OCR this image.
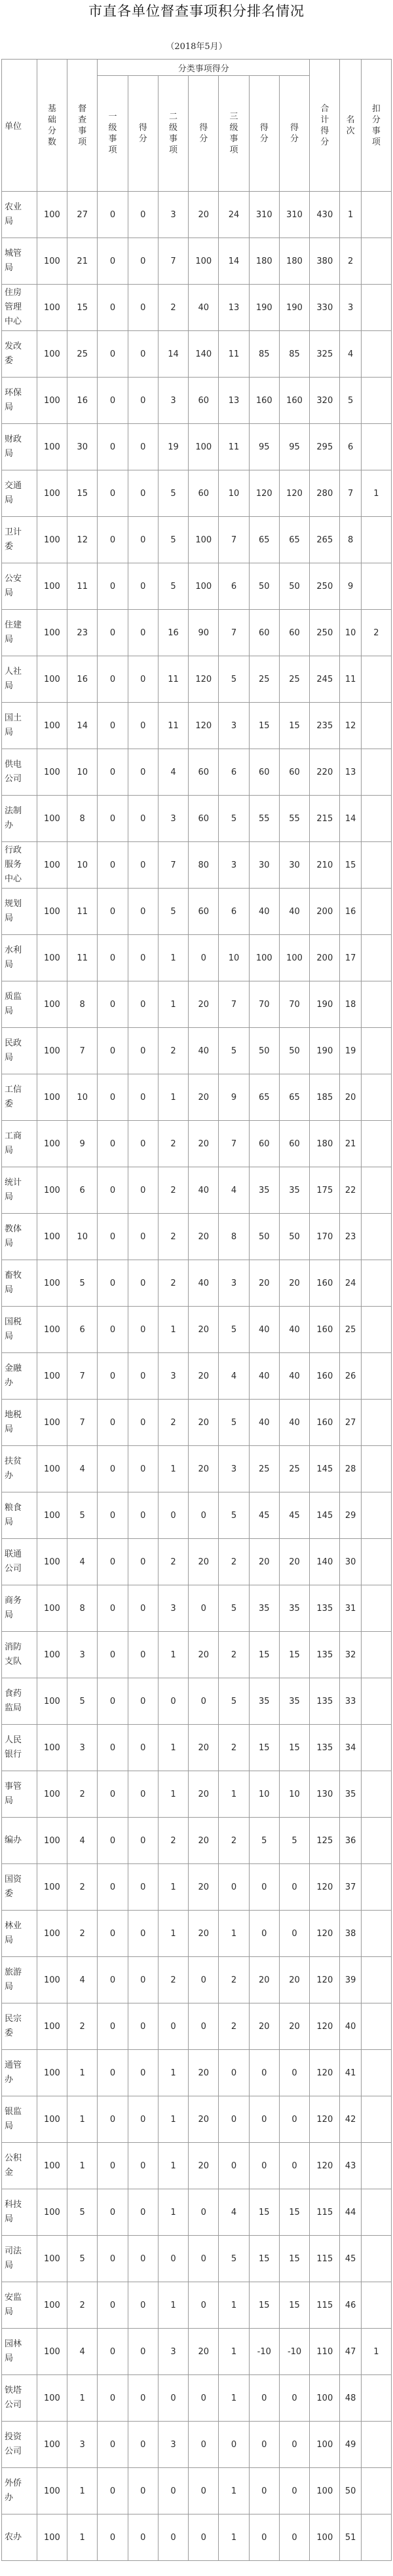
市直各单位督查事项积分排名情况
（2018年5月）
单位	基础分数	督查事项	分类事项得分							合计得分	名次	扣分事项
			一级事项	得分	二级事项	得分	三级事项	得分	得分			
农业局	100	27	0	0	3	20	24	310	310	430	1	
城管局	100	21	0	0	7	100	14	180	180	380	2	
住房管理中心	100	15	0	0	2	40	13	190	190	330	3	
发改委	100	25	0	0	14	140	11	85	85	325	4	
环保局	100	16	0	0	3	60	13	160	160	320	5	
财政局	100	30	0	0	19	100	11	95	95	295	6	
交通局	100	15	0	0	5	60	10	120	120	280	7	1
卫计委	100	12	0	0	5	100	7	65	65	265	8	
公安局	100	11	0	0	5	100	6	50	50	250	9	
住建局	100	23	0	0	16	90	7	60	60	250	10	2
人社局	100	16	0	0	11	120	5	25	25	245	11	
国土局	100	14	0	0	11	120	3	15	15	235	12	
供电公司	100	10	0	0	4	60	6	60	60	220	13	
法制办	100	8	0	0	3	60	5	55	55	215	14	
行政服务中心	100	10	0	0	7	80	3	30	30	210	15	
规划局	100	11	0	0	5	60	6	40	40	200	16	
水利局	100	11	0	0	1	0	10	100	100	200	17	
质监局	100	8	0	0	1	20	7	70	70	190	18	
民政局	100	7	0	0	2	40	5	50	50	190	19	
工信委	100	10	0	0	1	20	9	65	65	185	20	
工商局	100	9	0	0	2	20	7	60	60	180	21	
统计局	100	6	0	0	2	40	4	35	35	175	22	
教体局	100	10	0	0	2	20	8	50	50	170	23	
畜牧局	100	5	0	0	2	40	3	20	20	160	24	
国税局	100	6	0	0	1	20	5	40	40	160	25	
金融办	100	7	0	0	3	20	4	40	40	160	26	
地税局	100	7	0	0	2	20	5	40	40	160	27	
扶贫办	100	4	0	0	1	20	3	25	25	145	28	
粮食局	100	5	0	0	0	0	5	45	45	145	29	
联通公司	100	4	0	0	2	20	2	20	20	140	30	
商务局	100	8	0	0	3	0	5	35	35	135	31	
消防支队	100	3	0	0	1	20	2	15	15	135	32	
食药监局	100	5	0	0	0	0	5	35	35	135	33	
人民银行	100	3	0	0	1	20	2	15	15	135	34	
事管局	100	2	0	0	1	20	1	10	10	130	35	
编办	100	4	0	0	2	20	2	5	5	125	36	
国资委	100	2	0	0	1	20	0	0	0	120	37	
林业局	100	2	0	0	1	20	1	0	0	120	38	
旅游局	100	4	0	0	2	0	2	20	20	120	39	
民宗委	100	2	0	0	0	0	2	20	20	120	40	
通管办	100	1	0	0	1	20	0	0	0	120	41	
银监局	100	1	0	0	1	20	0	0	0	120	42	
公积金	100	1	0	0	1	20	0	0	0	120	43	
科技局	100	5	0	0	1	0	4	15	15	115	44	
司法局	100	5	0	0	0	0	5	15	15	115	45	
安监局	100	2	0	0	1	0	1	15	15	115	46	
园林局	100	4	0	0	3	20	1	-10	-10	110	47	1
铁塔公司	100	1	0	0	0	0	1	0	0	100	48	
投资公司	100	3	0	0	3	0	0	0	0	100	49	
外侨办	100	1	0	0	0	0	1	0	0	100	50	
农办	100	1	0	0	0	0	1	0	0	100	51	
